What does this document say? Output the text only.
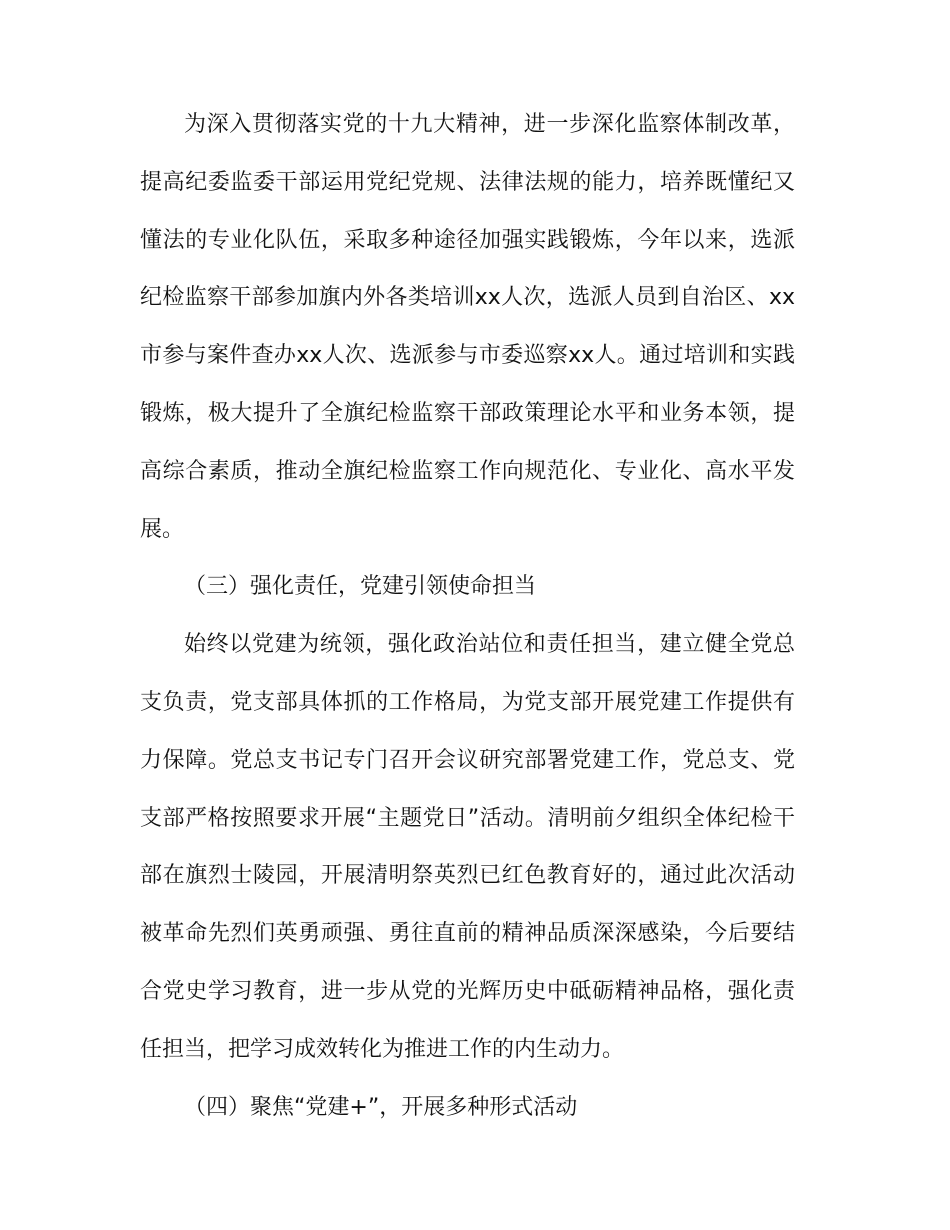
为深入贯彻落实党的十九大精神，进一步深化监察体制改革，提高纪委监委干部运用党纪党规、法律法规的能力，培养既懂纪又懂法的专业化队伍，采取多种途径加强实践锻炼，今年以来，选派纪检监察干部参加旗内外各类培训xx人次，选派人员到自治区、xx市参与案件查办xx人次、选派参与市委巡察xx人。通过培训和实践锻炼，极大提升了全旗纪检监察干部政策理论水平和业务本领，提高综合素质，推动全旗纪检监察工作向规范化、专业化、高水平发展。

（三）强化责任，党建引领使命担当

始终以党建为统领，强化政治站位和责任担当，建立健全党总支负责，党支部具体抓的工作格局，为党支部开展党建工作提供有力保障。党总支书记专门召开会议研究部署党建工作，党总支、党支部严格按照要求开展“主题党日”活动。清明前夕组织全体纪检干部在旗烈士陵园，开展清明祭英烈已红色教育好的，通过此次活动被革命先烈们英勇顽强、勇往直前的精神品质深深感染，今后要结合党史学习教育，进一步从党的光辉历史中砥砺精神品格，强化责任担当，把学习成效转化为推进工作的内生动力。

（四）聚焦“党建+”，开展多种形式活动
